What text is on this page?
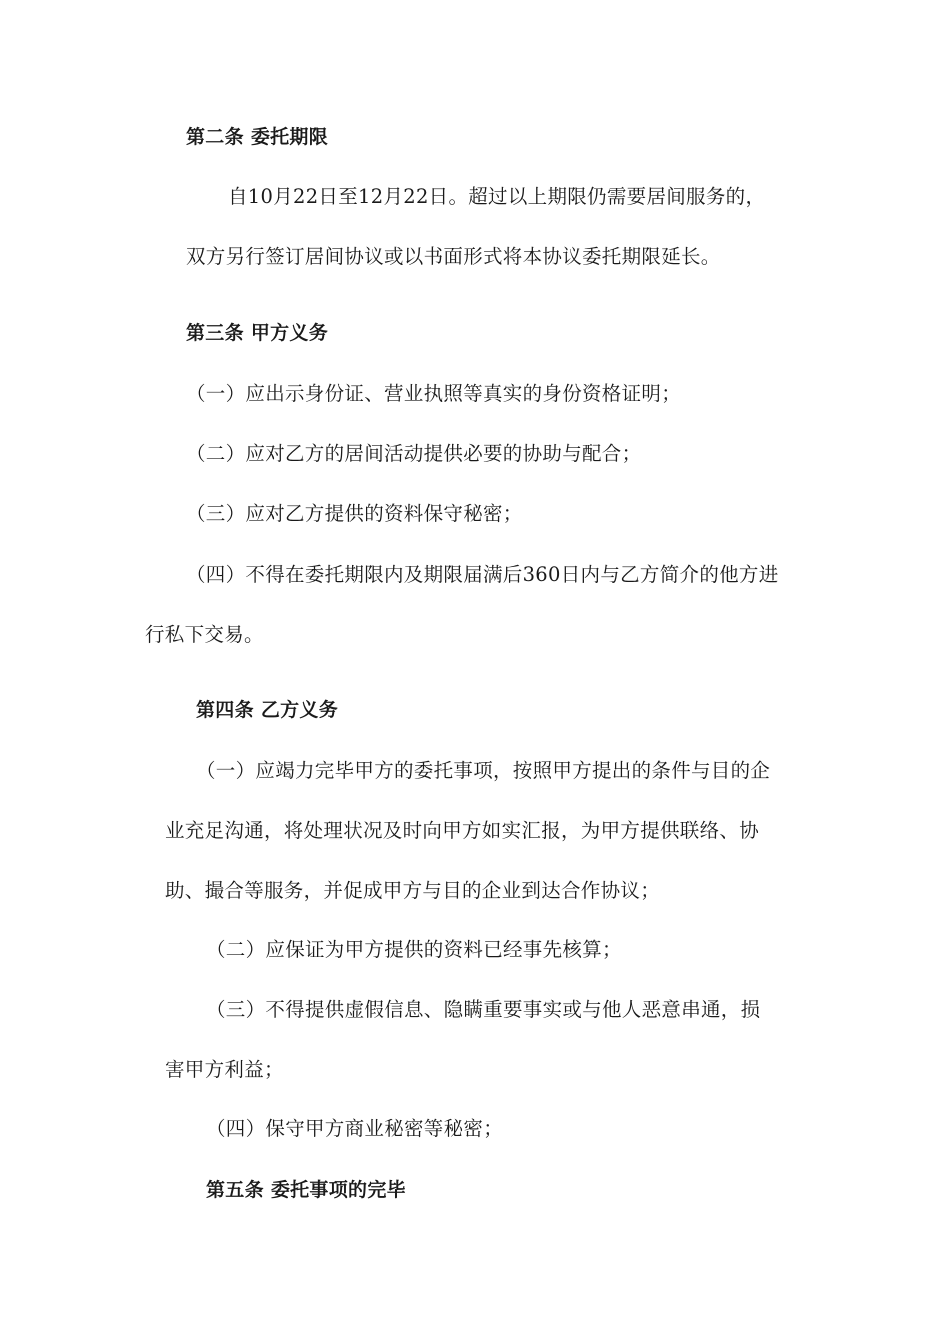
第二条 委托期限
自10月22日至12月22日。超过以上期限仍需要居间服务的，
双方另行签订居间协议或以书面形式将本协议委托期限延长。
第三条 甲方义务
（一）应出示身份证、营业执照等真实的身份资格证明；
（二）应对乙方的居间活动提供必要的协助与配合；
（三）应对乙方提供的资料保守秘密；
（四）不得在委托期限内及期限届满后360日内与乙方简介的他方进
行私下交易。
第四条 乙方义务
（一）应竭力完毕甲方的委托事项，按照甲方提出的条件与目的企
业充足沟通，将处理状况及时向甲方如实汇报，为甲方提供联络、协
助、撮合等服务，并促成甲方与目的企业到达合作协议；
（二）应保证为甲方提供的资料已经事先核算；
（三）不得提供虚假信息、隐瞒重要事实或与他人恶意串通，损
害甲方利益；
（四）保守甲方商业秘密等秘密；
第五条 委托事项的完毕
